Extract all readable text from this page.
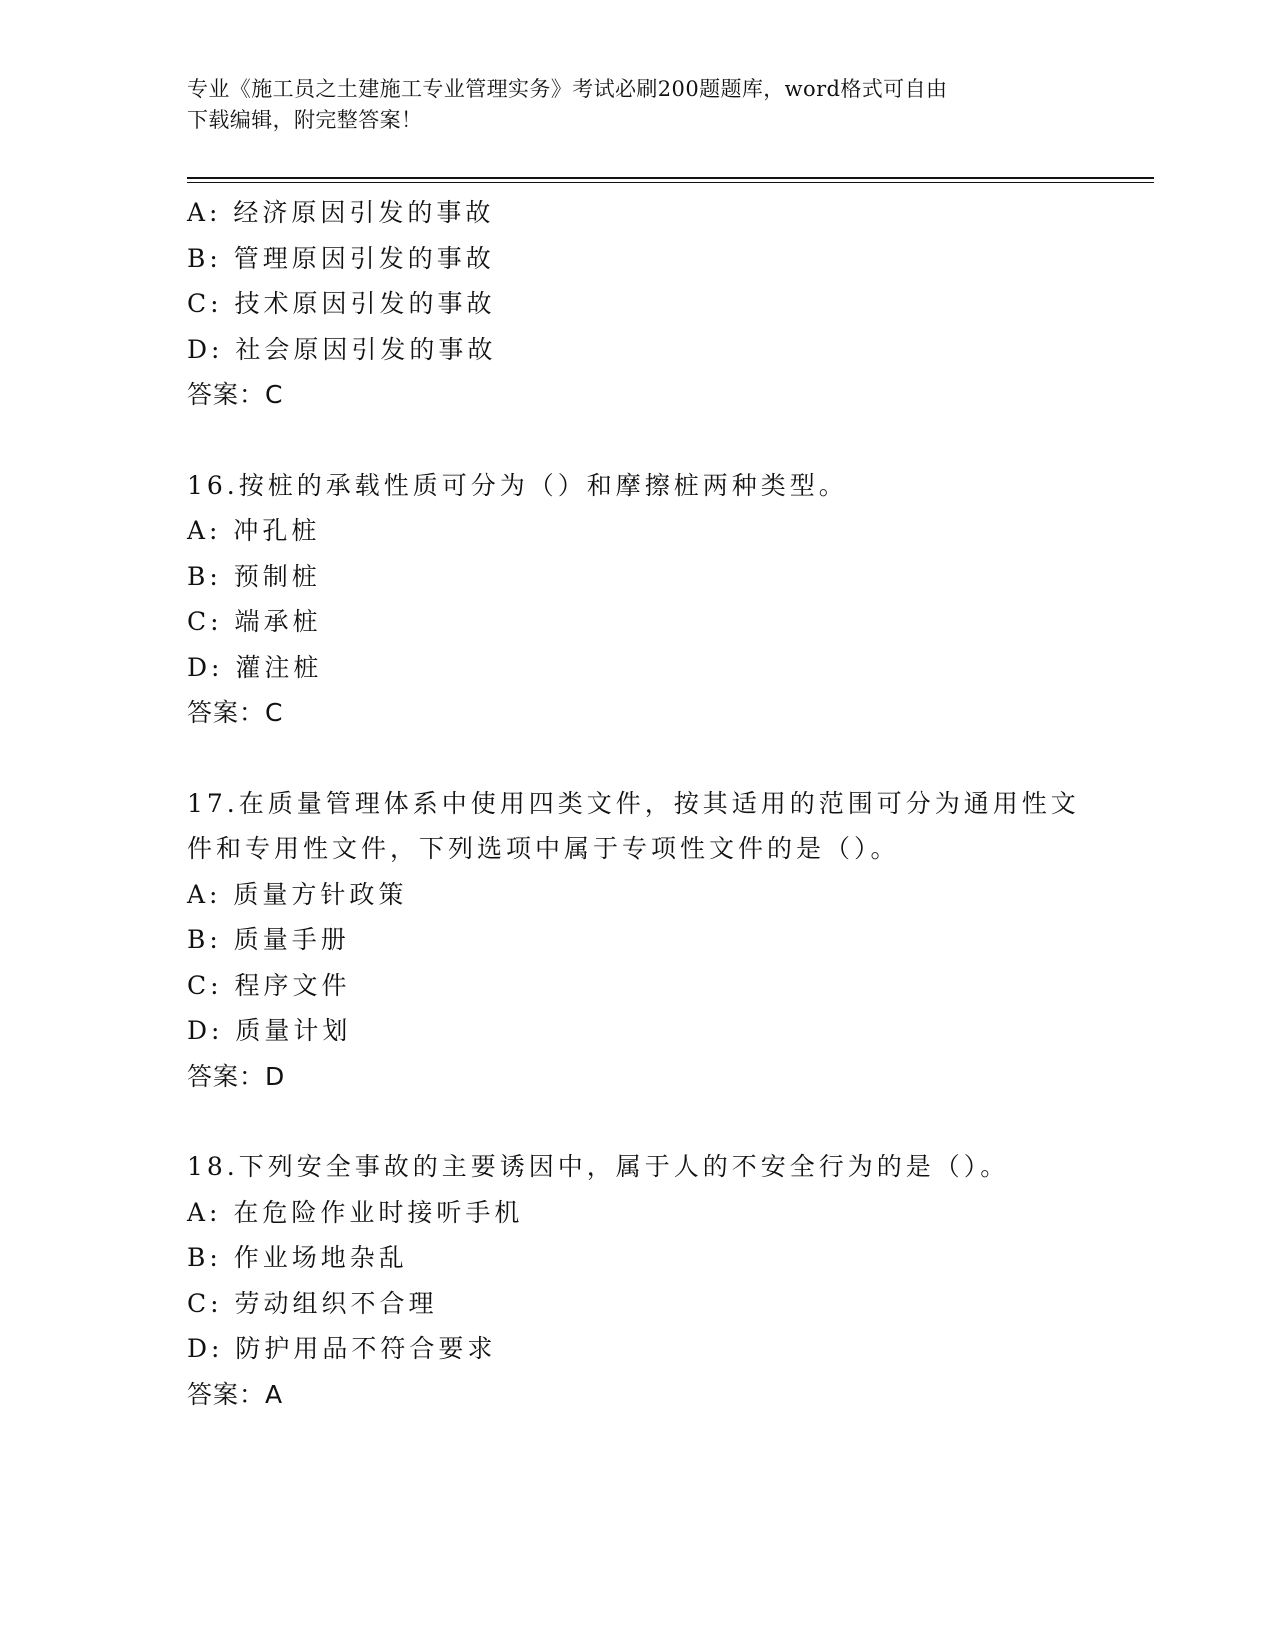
专业《施工员之土建施工专业管理实务》考试必刷200题题库，word格式可自由
下载编辑，附完整答案！
A: 经济原因引发的事故
B: 管理原因引发的事故
C: 技术原因引发的事故
D: 社会原因引发的事故
答案：C
16.按桩的承载性质可分为（）和摩擦桩两种类型。
A: 冲孔桩
B: 预制桩
C: 端承桩
D: 灌注桩
答案：C
17.在质量管理体系中使用四类文件，按其适用的范围可分为通用性文
件和专用性文件，下列选项中属于专项性文件的是（）。
A: 质量方针政策
B: 质量手册
C: 程序文件
D: 质量计划
答案：D
18.下列安全事故的主要诱因中，属于人的不安全行为的是（）。
A: 在危险作业时接听手机
B: 作业场地杂乱
C: 劳动组织不合理
D: 防护用品不符合要求
答案：A
